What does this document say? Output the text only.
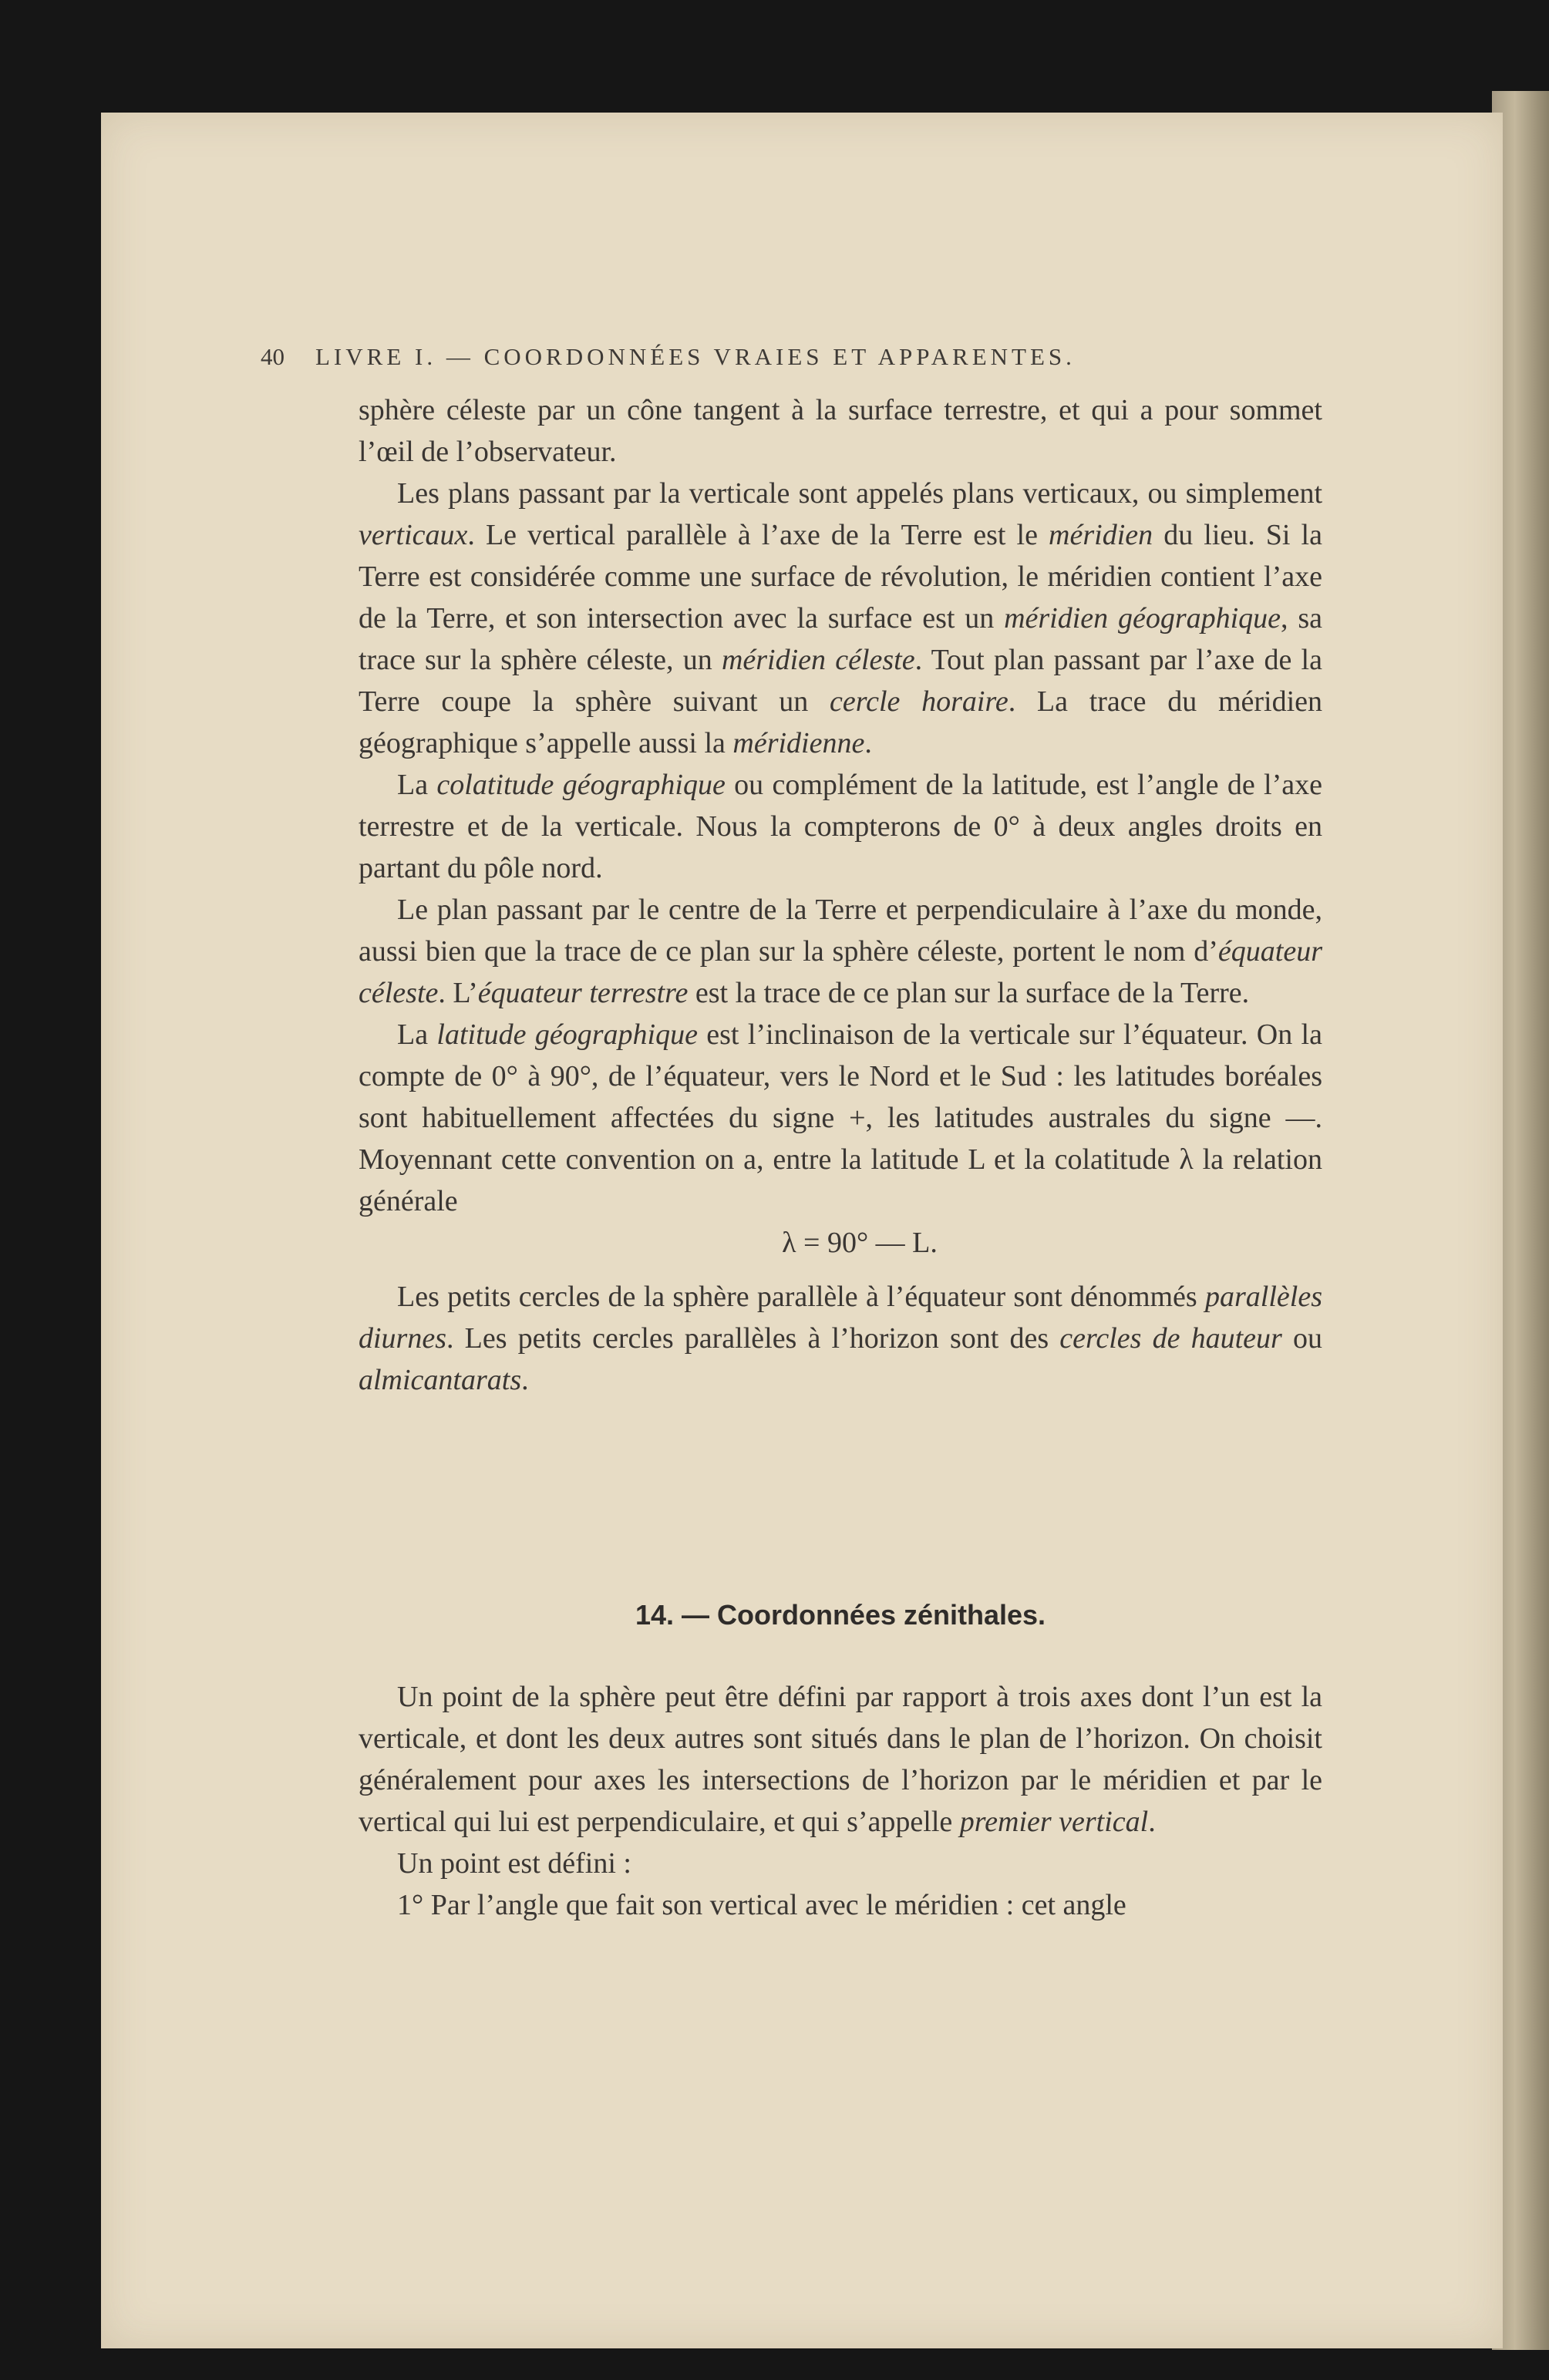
40 LIVRE I. — COORDONNÉES VRAIES ET APPARENTES.

sphère céleste par un cône tangent à la surface terrestre, et qui a pour sommet l’œil de l’observateur.

Les plans passant par la verticale sont appelés plans verticaux, ou simplement verticaux. Le vertical parallèle à l’axe de la Terre est le méridien du lieu. Si la Terre est considérée comme une surface de révolution, le méridien contient l’axe de la Terre, et son intersection avec la surface est un méridien géographique, sa trace sur la sphère céleste, un méridien céleste. Tout plan passant par l’axe de la Terre coupe la sphère suivant un cercle horaire. La trace du méridien géographique s’appelle aussi la méridienne.

La colatitude géographique ou complément de la latitude, est l’angle de l’axe terrestre et de la verticale. Nous la compterons de 0° à deux angles droits en partant du pôle nord.

Le plan passant par le centre de la Terre et perpendiculaire à l’axe du monde, aussi bien que la trace de ce plan sur la sphère céleste, portent le nom d’équateur céleste. L’équateur terrestre est la trace de ce plan sur la surface de la Terre.

La latitude géographique est l’inclinaison de la verticale sur l’équateur. On la compte de 0° à 90°, de l’équateur, vers le Nord et le Sud : les latitudes boréales sont habituellement affectées du signe +, les latitudes australes du signe —. Moyennant cette convention on a, entre la latitude L et la colatitude λ la relation générale

λ = 90° — L.

Les petits cercles de la sphère parallèle à l’équateur sont dénommés parallèles diurnes. Les petits cercles parallèles à l’horizon sont des cercles de hauteur ou almicantarats.

14. — Coordonnées zénithales.

Un point de la sphère peut être défini par rapport à trois axes dont l’un est la verticale, et dont les deux autres sont situés dans le plan de l’horizon. On choisit généralement pour axes les intersections de l’horizon par le méridien et par le vertical qui lui est perpendiculaire, et qui s’appelle premier vertical.

Un point est défini :

1° Par l’angle que fait son vertical avec le méridien : cet angle
